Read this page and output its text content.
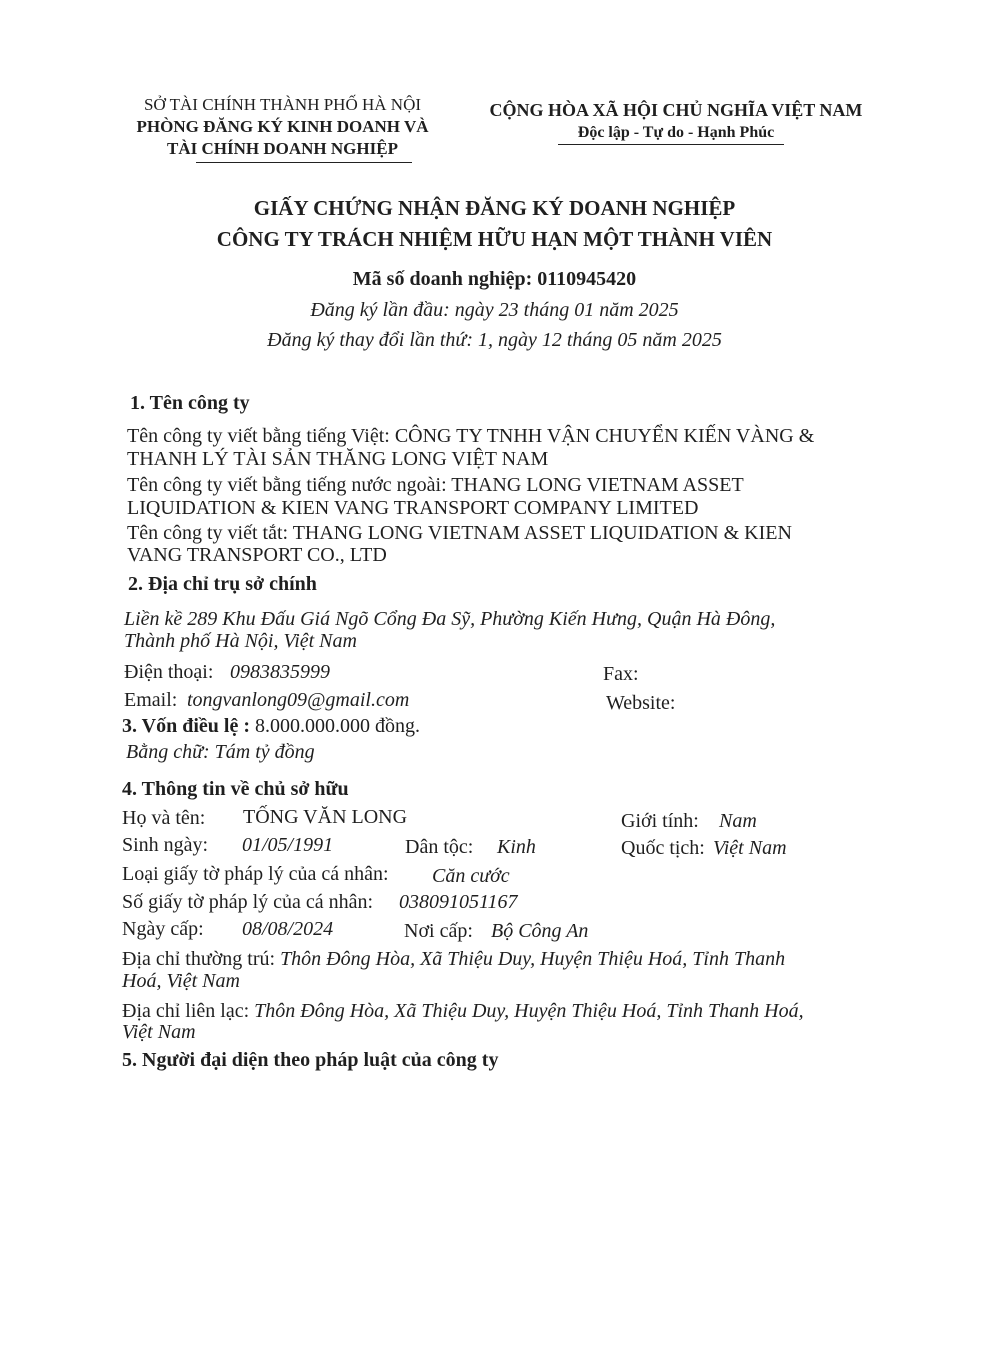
SỞ TÀI CHÍNH THÀNH PHỐ HÀ NỘI
PHÒNG ĐĂNG KÝ KINH DOANH VÀ
TÀI CHÍNH DOANH NGHIỆP
CỘNG HÒA XÃ HỘI CHỦ NGHĨA VIỆT NAM
Độc lập - Tự do - Hạnh Phúc
GIẤY CHỨNG NHẬN ĐĂNG KÝ DOANH NGHIỆP
CÔNG TY TRÁCH NHIỆM HỮU HẠN MỘT THÀNH VIÊN
Mã số doanh nghiệp: 0110945420
Đăng ký lần đầu: ngày 23 tháng 01 năm 2025
Đăng ký thay đổi lần thứ: 1, ngày 12 tháng 05 năm 2025
1. Tên công ty
Tên công ty viết bằng tiếng Việt: CÔNG TY TNHH VẬN CHUYỂN KIẾN VÀNG &
THANH LÝ TÀI SẢN THĂNG LONG VIỆT NAM
Tên công ty viết bằng tiếng nước ngoài: THANG LONG VIETNAM ASSET
LIQUIDATION & KIEN VANG TRANSPORT COMPANY LIMITED
Tên công ty viết tắt: THANG LONG VIETNAM ASSET LIQUIDATION & KIEN
VANG TRANSPORT CO., LTD
2. Địa chỉ trụ sở chính
Liền kề 289 Khu Đấu Giá Ngõ Cổng Đa Sỹ, Phường Kiến Hưng, Quận Hà Đông,
Thành phố Hà Nội, Việt Nam
Điện thoại: 0983835999	Fax:
Email: tongvanlong09@gmail.com	Website:
3. Vốn điều lệ : 8.000.000.000 đồng.
Bằng chữ: Tám tỷ đồng
4. Thông tin về chủ sở hữu
Họ và tên: TỐNG VĂN LONG	Giới tính: Nam
Sinh ngày: 01/05/1991	Dân tộc: Kinh	Quốc tịch: Việt Nam
Loại giấy tờ pháp lý của cá nhân: Căn cước
Số giấy tờ pháp lý của cá nhân: 038091051167
Ngày cấp: 08/08/2024	Nơi cấp: Bộ Công An
Địa chỉ thường trú: Thôn Đông Hòa, Xã Thiệu Duy, Huyện Thiệu Hoá, Tỉnh Thanh
Hoá, Việt Nam
Địa chỉ liên lạc: Thôn Đông Hòa, Xã Thiệu Duy, Huyện Thiệu Hoá, Tỉnh Thanh Hoá,
Việt Nam
5. Người đại diện theo pháp luật của công ty
